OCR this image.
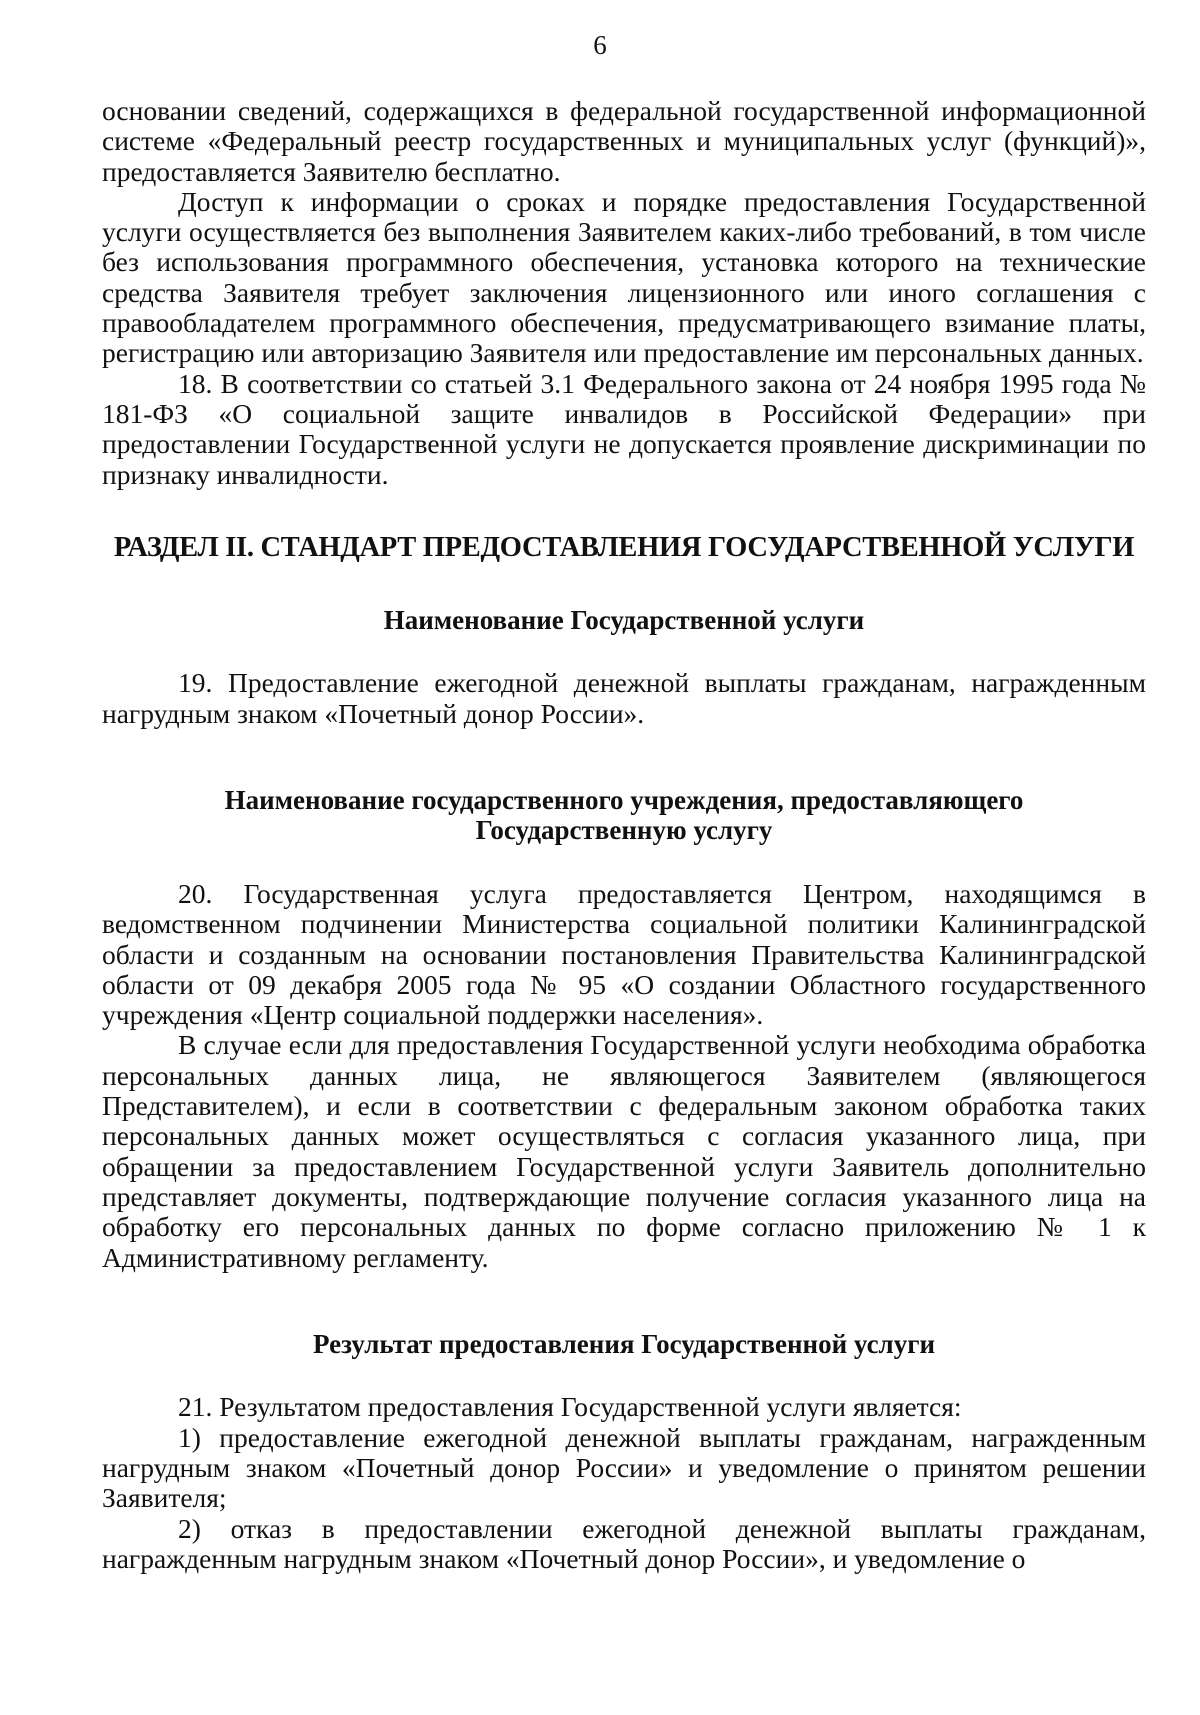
6

основании сведений, содержащихся в федеральной государственной информационной системе «Федеральный реестр государственных и муниципальных услуг (функций)», предоставляется Заявителю бесплатно.

Доступ к информации о сроках и порядке предоставления Государственной услуги осуществляется без выполнения Заявителем каких-либо требований, в том числе без использования программного обеспечения, установка которого на технические средства Заявителя требует заключения лицензионного или иного соглашения с правообладателем программного обеспечения, предусматривающего взимание платы, регистрацию или авторизацию Заявителя или предоставление им персональных данных.

18. В соответствии со статьей 3.1 Федерального закона от 24 ноября 1995 года № 181-ФЗ «О социальной защите инвалидов в Российской Федерации» при предоставлении Государственной услуги не допускается проявление дискриминации по признаку инвалидности.

РАЗДЕЛ II. СТАНДАРТ ПРЕДОСТАВЛЕНИЯ ГОСУДАРСТВЕННОЙ УСЛУГИ
Наименование Государственной услуги

19. Предоставление ежегодной денежной выплаты гражданам, награжденным нагрудным знаком «Почетный донор России».

Наименование государственного учреждения, предоставляющего
Государственную услугу

20. Государственная услуга предоставляется Центром, находящимся в ведомственном подчинении Министерства социальной политики Калининградской области и созданным на основании постановления Правительства Калининградской области от 09 декабря 2005 года № 95 «О создании Областного государственного учреждения «Центр социальной поддержки населения».

В случае если для предоставления Государственной услуги необходима обработка персональных данных лица, не являющегося Заявителем (являющегося Представителем), и если в соответствии с федеральным законом обработка таких персональных данных может осуществляться с согласия указанного лица, при обращении за предоставлением Государственной услуги Заявитель дополнительно представляет документы, подтверждающие получение согласия указанного лица на обработку его персональных данных по форме согласно приложению № 1 к Административному регламенту.

Результат предоставления Государственной услуги

21. Результатом предоставления Государственной услуги является:

1) предоставление ежегодной денежной выплаты гражданам, награжденным нагрудным знаком «Почетный донор России» и уведомление о принятом решении Заявителя;

2) отказ в предоставлении ежегодной денежной выплаты гражданам, награжденным нагрудным знаком «Почетный донор России», и уведомление о
